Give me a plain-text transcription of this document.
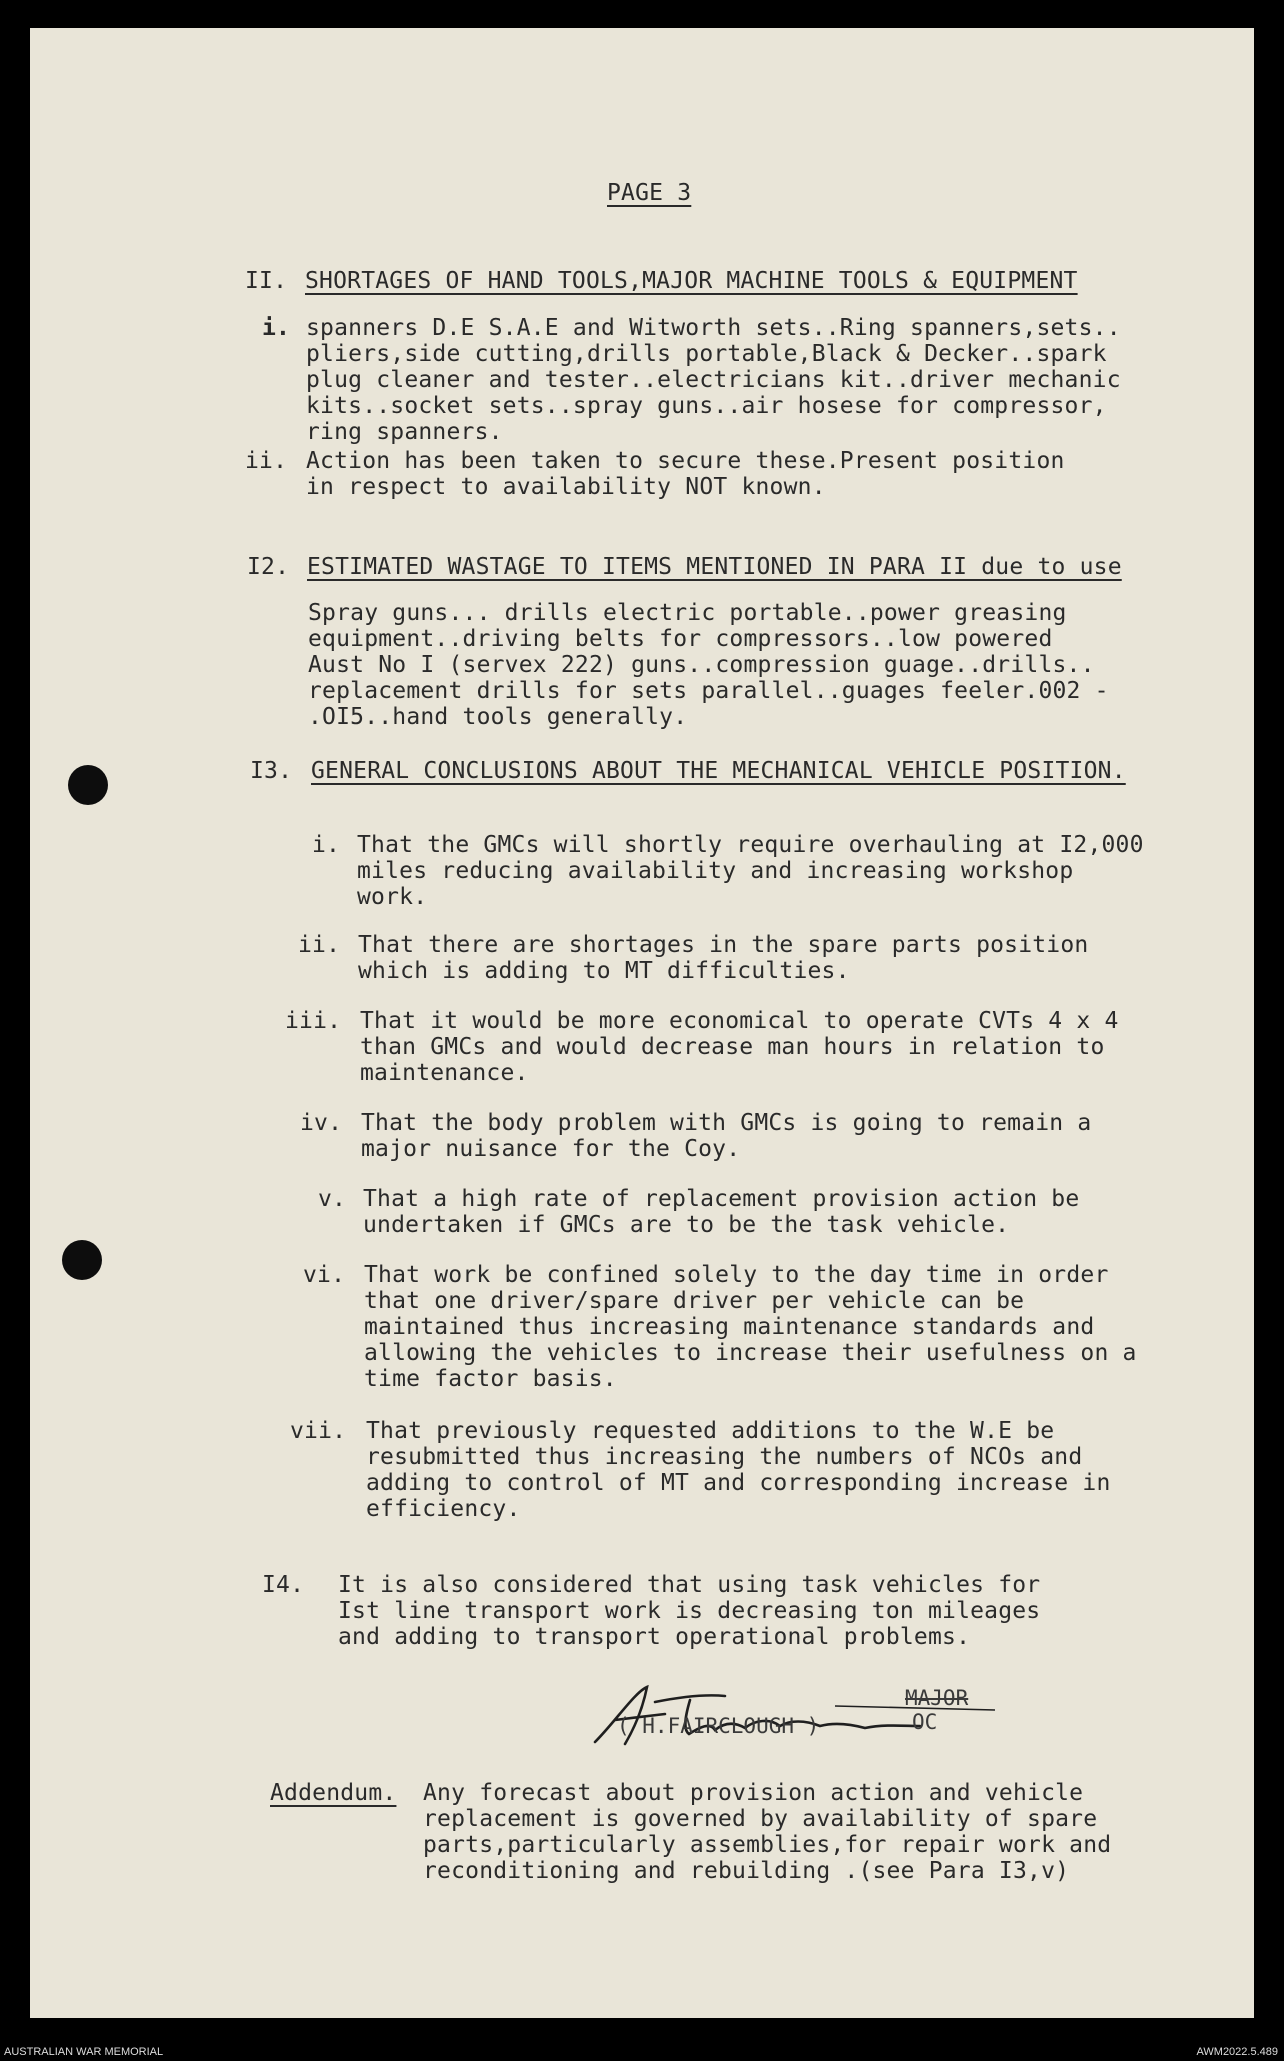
PAGE 3
II. SHORTAGES OF HAND TOOLS,MAJOR MACHINE TOOLS & EQUIPMENT
i. spanners D.E S.A.E and Witworth sets..Ring spanners,sets..
pliers,side cutting,drills portable,Black & Decker..spark
plug cleaner and tester..electricians kit..driver mechanic
kits..socket sets..spray guns..air hosese for compressor,
ring spanners.
ii. Action has been taken to secure these.Present position
in respect to availability NOT known.
I2. ESTIMATED WASTAGE TO ITEMS MENTIONED IN PARA II due to use
Spray guns... drills electric portable..power greasing
equipment..driving belts for compressors..low powered
Aust No I (servex 222) guns..compression guage..drills..
replacement drills for sets parallel..guages feeler.002 -
.OI5..hand tools generally.
I3. GENERAL CONCLUSIONS ABOUT THE MECHANICAL VEHICLE POSITION.
i. That the GMCs will shortly require overhauling at I2,000
miles reducing availability and increasing workshop
work.
ii. That there are shortages in the spare parts position
which is adding to MT difficulties.
iii. That it would be more economical to operate CVTs 4 x 4
than GMCs and would decrease man hours in relation to
maintenance.
iv. That the body problem with GMCs is going to remain a
major nuisance for the Coy.
v. That a high rate of replacement provision action be
undertaken if GMCs are to be the task vehicle.
vi. That work be confined solely to the day time in order
that one driver/spare driver per vehicle can be
maintained thus increasing maintenance standards and
allowing the vehicles to increase their usefulness on a
time factor basis.
vii. That previously requested additions to the W.E be
resubmitted thus increasing the numbers of NCOs and
adding to control of MT and corresponding increase in
efficiency.
I4. It is also considered that using task vehicles for
Ist line transport work is decreasing ton mileages
and adding to transport operational problems.
( H.FAIRCLOUGH )
MAJOR
OC
Addendum. Any forecast about provision action and vehicle
replacement is governed by availability of spare
parts,particularly assemblies,for repair work and
reconditioning and rebuilding .(see Para I3,v)
AUSTRALIAN WAR MEMORIAL	AWM2022.5.489
